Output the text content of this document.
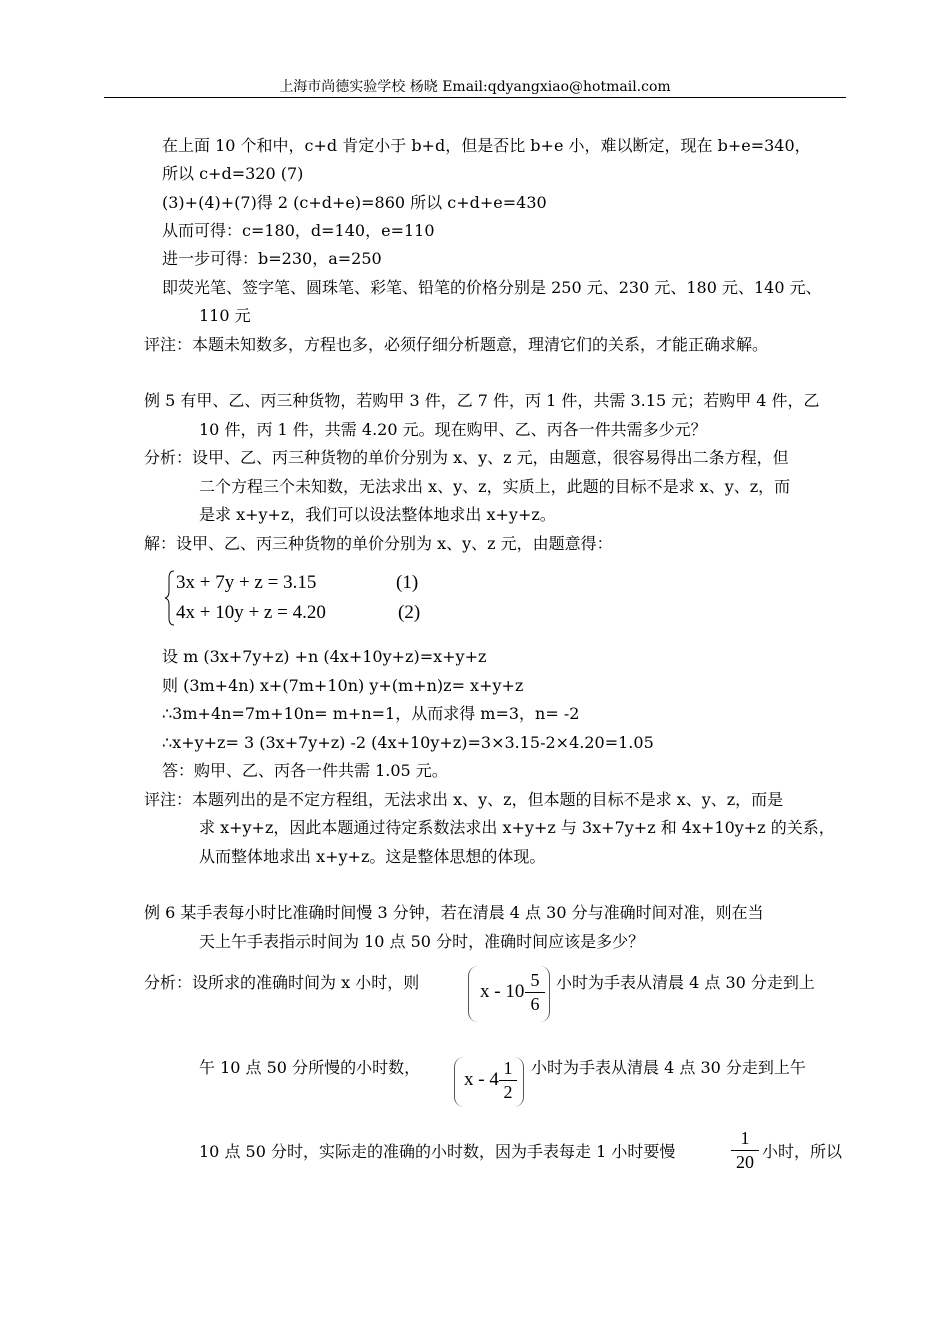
上海市尚德实验学校 杨晓 Email:qdyangxiao@hotmail.com
在上面 10 个和中，c+d 肯定小于 b+d，但是否比 b+e 小，难以断定，现在 b+e=340，
所以 c+d=320 (7)
(3)+(4)+(7)得 2 (c+d+e)=860 所以 c+d+e=430
从而可得：c=180，d=140，e=110
进一步可得：b=230，a=250
即荧光笔、签字笔、圆珠笔、彩笔、铅笔的价格分别是 250 元、230 元、180 元、140 元、
110 元
评注：本题未知数多，方程也多，必须仔细分析题意，理清它们的关系，才能正确求解。
例 5 有甲、乙、丙三种货物，若购甲 3 件，乙 7 件，丙 1 件，共需 3.15 元；若购甲 4 件，乙
10 件，丙 1 件，共需 4.20 元。现在购甲、乙、丙各一件共需多少元？
分析：设甲、乙、丙三种货物的单价分别为 x、y、z 元，由题意，很容易得出二条方程，但
二个方程三个未知数，无法求出 x、y、z，实质上，此题的目标不是求 x、y、z，而
是求 x+y+z，我们可以设法整体地求出 x+y+z。
解：设甲、乙、丙三种货物的单价分别为 x、y、z 元，由题意得：
3x + 7y + z = 3.15	(1)
4x + 10y + z = 4.20	(2)
设 m (3x+7y+z) +n (4x+10y+z)=x+y+z
则 (3m+4n) x+(7m+10n) y+(m+n)z= x+y+z
∴3m+4n=7m+10n= m+n=1，从而求得 m=3，n= -2
∴x+y+z= 3 (3x+7y+z) -2 (4x+10y+z)=3×3.15-2×4.20=1.05
答：购甲、乙、丙各一件共需 1.05 元。
评注：本题列出的是不定方程组，无法求出 x、y、z，但本题的目标不是求 x、y、z，而是
求 x+y+z，因此本题通过待定系数法求出 x+y+z 与 3x+7y+z 和 4x+10y+z 的关系，
从而整体地求出 x+y+z。这是整体思想的体现。
例 6 某手表每小时比准确时间慢 3 分钟，若在清晨 4 点 30 分与准确时间对准，则在当
天上午手表指示时间为 10 点 50 分时，准确时间应该是多少？
分析：设所求的准确时间为 x 小时，则	x - 10
5
6
小时为手表从清晨 4 点 30 分走到上
午 10 点 50 分所慢的小时数，
x - 4
1
2
小时为手表从清晨 4 点 30 分走到上午
10 点 50 分时，实际走的准确的小时数，因为手表每走 1 小时要慢
1
20
小时，所以
